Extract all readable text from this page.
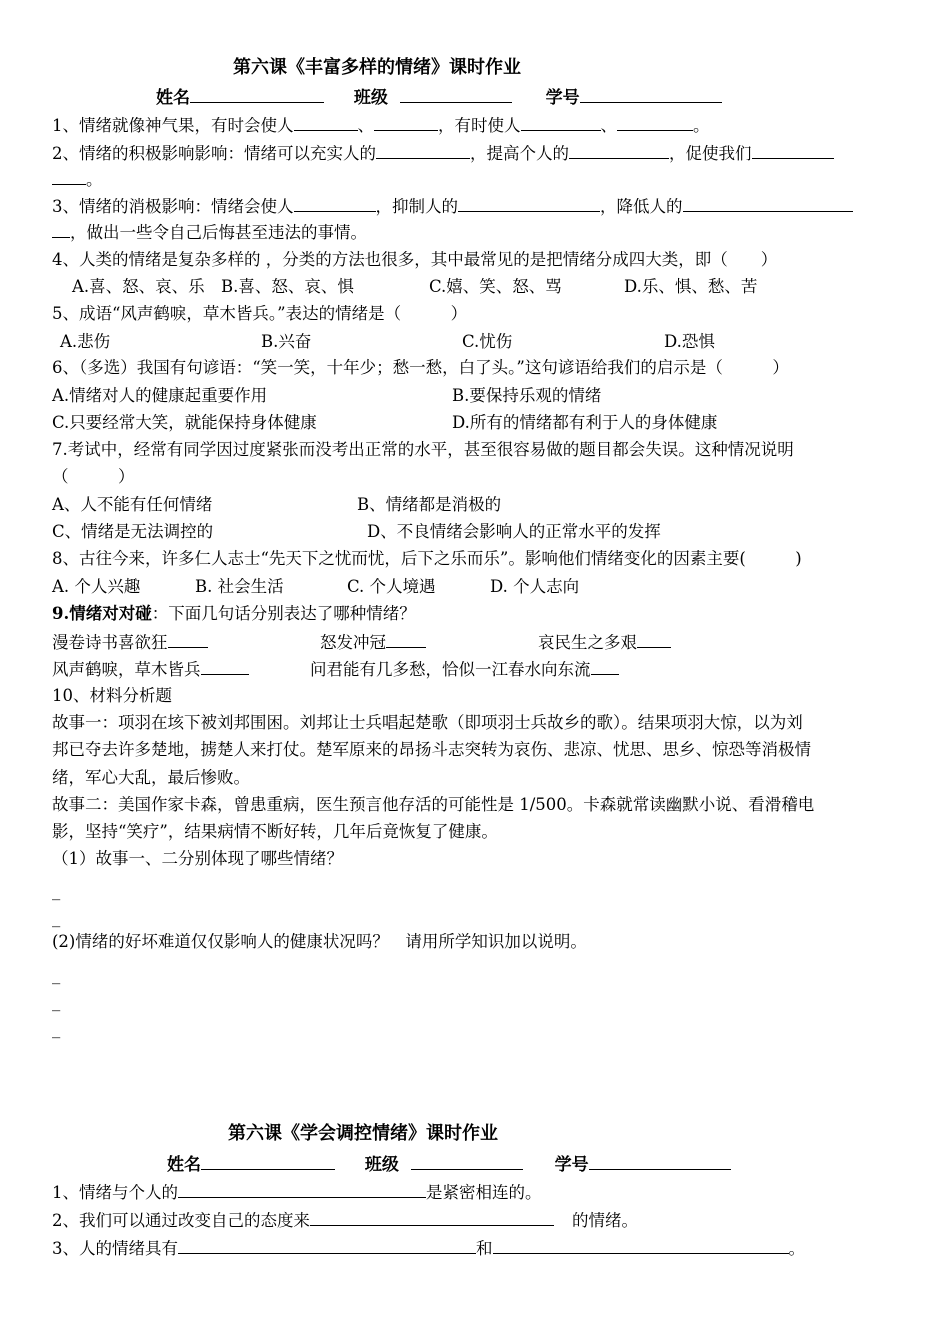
第六课《丰富多样的情绪》课时作业
姓名	班级	学号
1、情绪就像神气果，有时会使人	、	，有时使人	、	。
2、情绪的积极影响影响：情绪可以充实人的	，提高个人的	，促使我们
。
3、情绪的消极影响：情绪会使人	，抑制人的	，降低人的
，做出一些令自己后悔甚至违法的事情。
4、人类的情绪是复杂多样的 ，分类的方法也很多，其中最常见的是把情绪分成四大类，即（　　）
A.喜、怒、哀、乐 B.喜、怒、哀、惧	C.嬉、笑、怒、骂	D.乐、惧、愁、苦
5、成语“风声鹤唳，草木皆兵。”表达的情绪是（　　　）
A.悲伤	B.兴奋	C.忧伤	D.恐惧
6、（多选）我国有句谚语：“笑一笑，十年少；愁一愁，白了头。”这句谚语给我们的启示是（　　　）
A.情绪对人的健康起重要作用	B.要保持乐观的情绪
C.只要经常大笑，就能保持身体健康	D.所有的情绪都有利于人的身体健康
7.考试中，经常有同学因过度紧张而没考出正常的水平，甚至很容易做的题目都会失误。这种情况说明
（　　　）
A、人不能有任何情绪	B、情绪都是消极的
C、情绪是无法调控的	D、不良情绪会影响人的正常水平的发挥
8、古往今来，许多仁人志士“先天下之忧而忧，后下之乐而乐”。影响他们情绪变化的因素主要(　　　)
A. 个人兴趣	B. 社会生活	C. 个人境遇	D. 个人志向
9.情绪对对碰：下面几句话分别表达了哪种情绪？
漫卷诗书喜欲狂	怒发冲冠	哀民生之多艰
风声鹤唳，草木皆兵	问君能有几多愁，恰似一江春水向东流
10、材料分析题
故事一：项羽在垓下被刘邦围困。刘邦让士兵唱起楚歌（即项羽士兵故乡的歌）。结果项羽大惊，以为刘
邦已夺去许多楚地，掳楚人来打仗。楚军原来的昂扬斗志突转为哀伤、悲凉、忧思、思乡、惊恐等消极情
绪，军心大乱，最后惨败。
故事二：美国作家卡森，曾患重病，医生预言他存活的可能性是 1/500。卡森就常读幽默小说、看滑稽电
影，坚持“笑疗”，结果病情不断好转，几年后竟恢复了健康。
（1）故事一、二分别体现了哪些情绪？
_
_
(2)情绪的好坏难道仅仅影响人的健康状况吗？　请用所学知识加以说明。
_
_
_
第六课《学会调控情绪》课时作业
姓名	班级	学号
1、情绪与个人的	是紧密相连的。
2、我们可以通过改变自己的态度来	的情绪。
3、人的情绪具有	和	。
